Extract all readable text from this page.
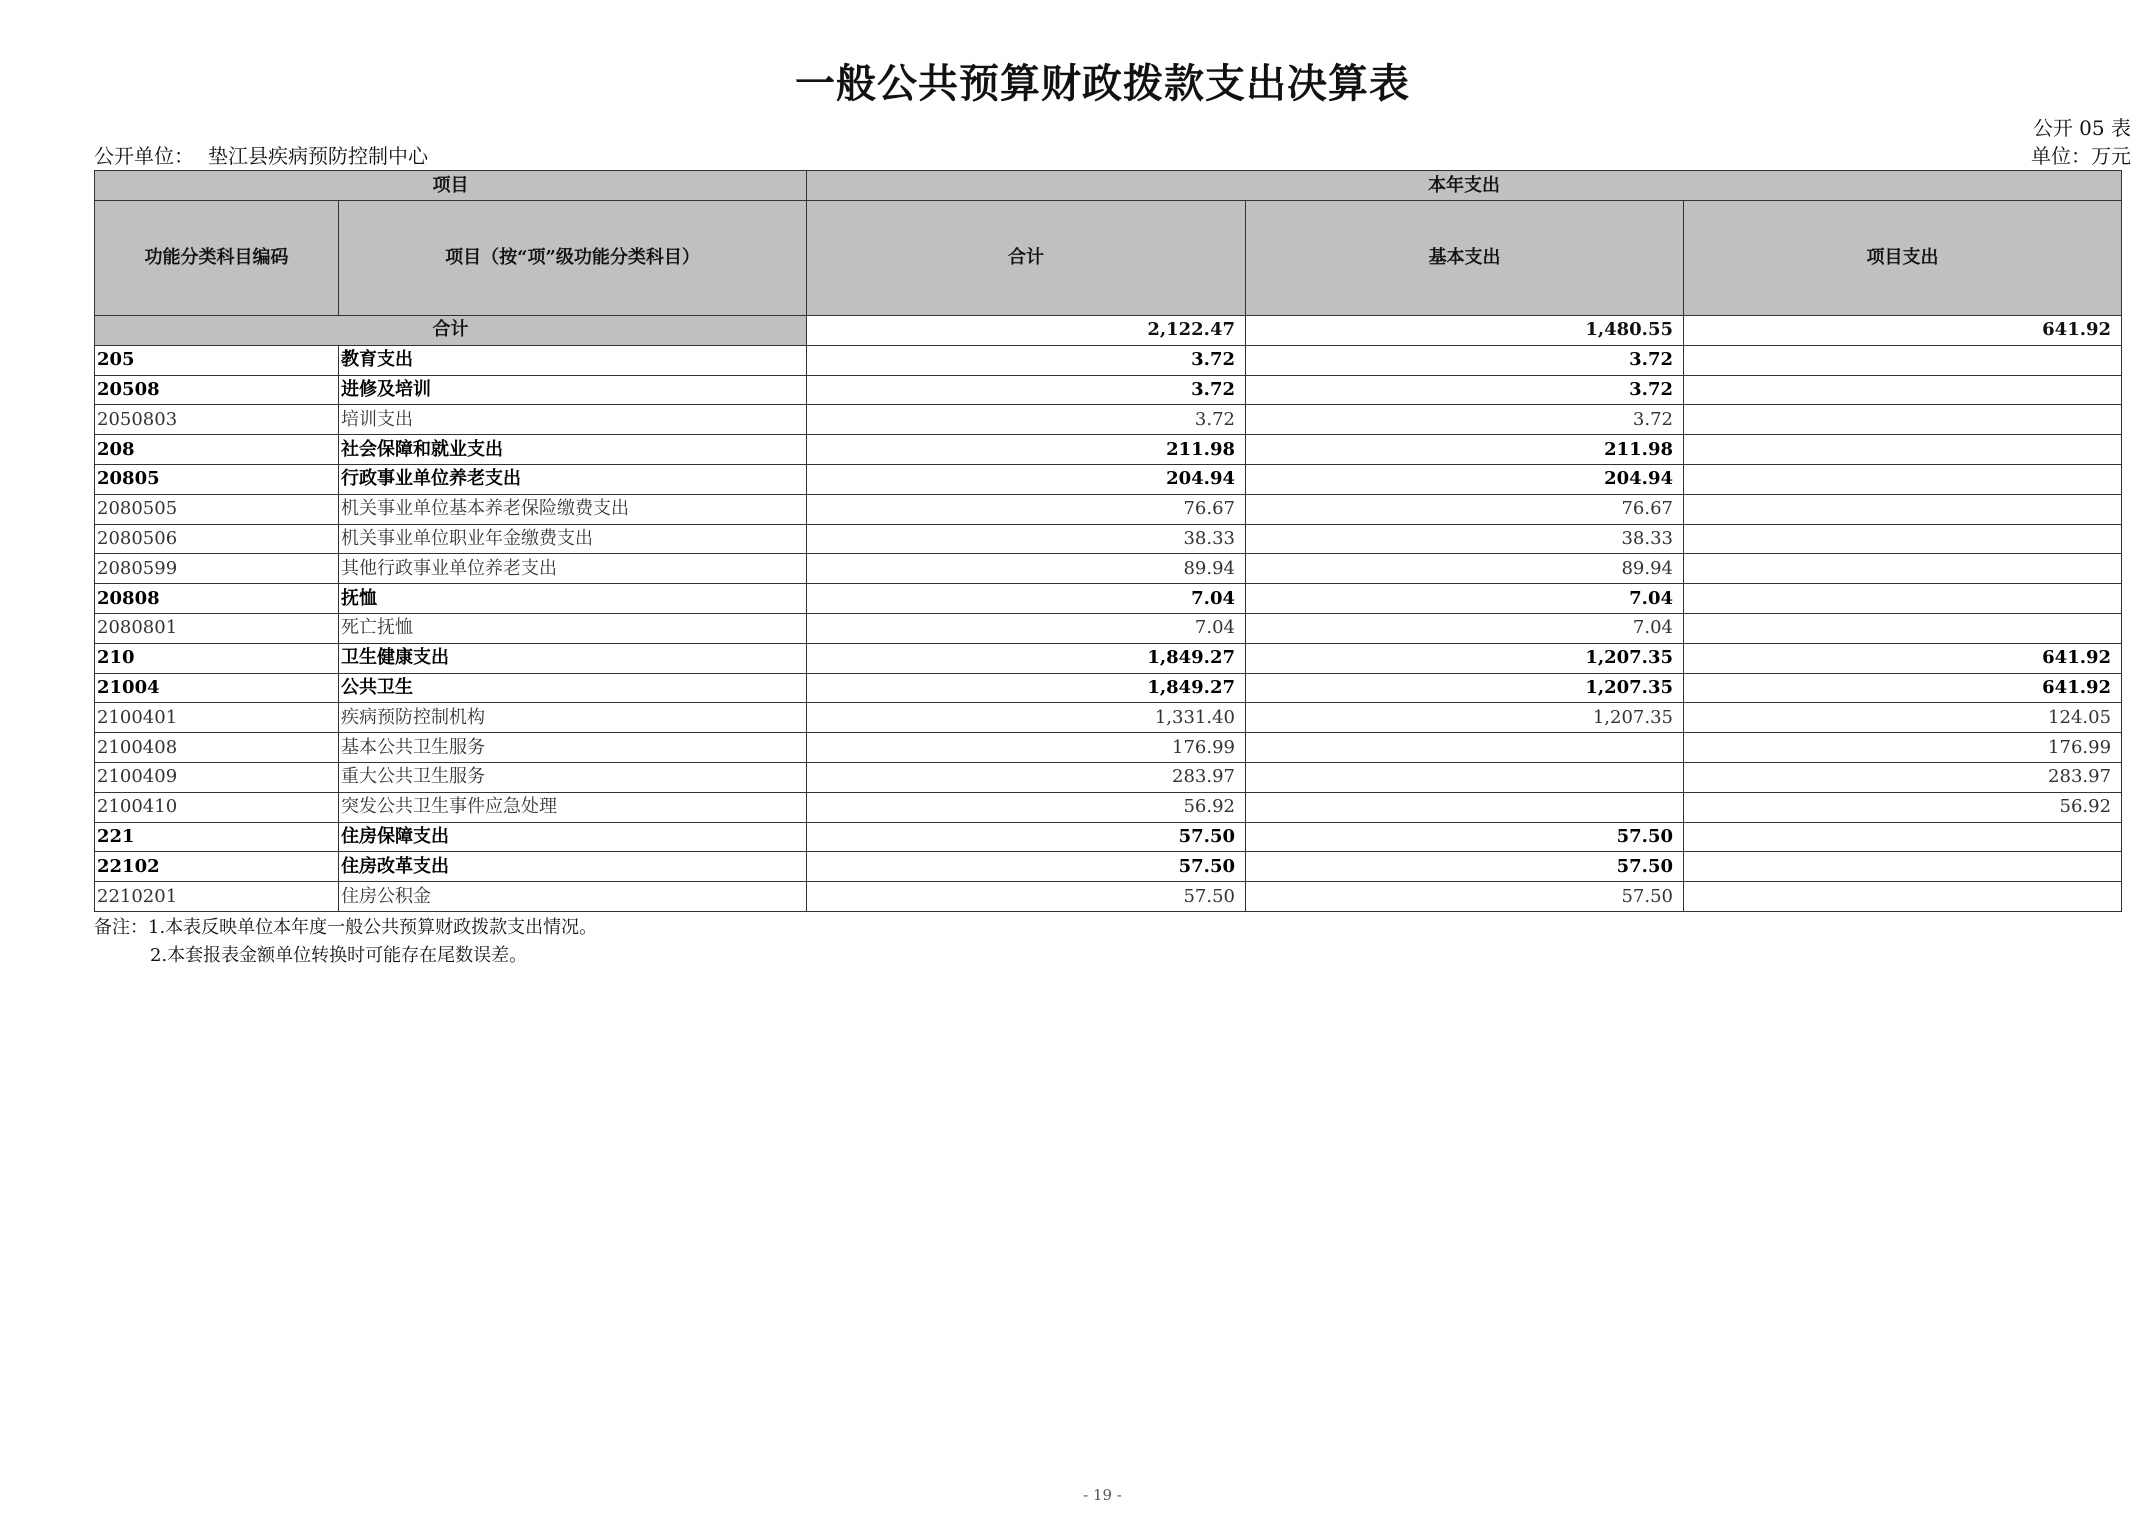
一般公共预算财政拨款支出决算表
公开 05 表
公开单位： 垫江县疾病预防控制中心	单位：万元
项目		本年支出		
功能分类科目编码	项目（按“项”级功能分类科目）	合计	基本支出	项目支出
合计		2,122.47	1,480.55	641.92
205	教育支出	3.72	3.72	
20508	进修及培训	3.72	3.72	
2050803	培训支出	3.72	3.72	
208	社会保障和就业支出	211.98	211.98	
20805	行政事业单位养老支出	204.94	204.94	
2080505	机关事业单位基本养老保险缴费支出	76.67	76.67	
2080506	机关事业单位职业年金缴费支出	38.33	38.33	
2080599	其他行政事业单位养老支出	89.94	89.94	
20808	抚恤	7.04	7.04	
2080801	死亡抚恤	7.04	7.04	
210	卫生健康支出	1,849.27	1,207.35	641.92
21004	公共卫生	1,849.27	1,207.35	641.92
2100401	疾病预防控制机构	1,331.40	1,207.35	124.05
2100408	基本公共卫生服务	176.99		176.99
2100409	重大公共卫生服务	283.97		283.97
2100410	突发公共卫生事件应急处理	56.92		56.92
221	住房保障支出	57.50	57.50	
22102	住房改革支出	57.50	57.50	
2210201	住房公积金	57.50	57.50	
备注：1.本表反映单位本年度一般公共预算财政拨款支出情况。
2.本套报表金额单位转换时可能存在尾数误差。
- 19 -
